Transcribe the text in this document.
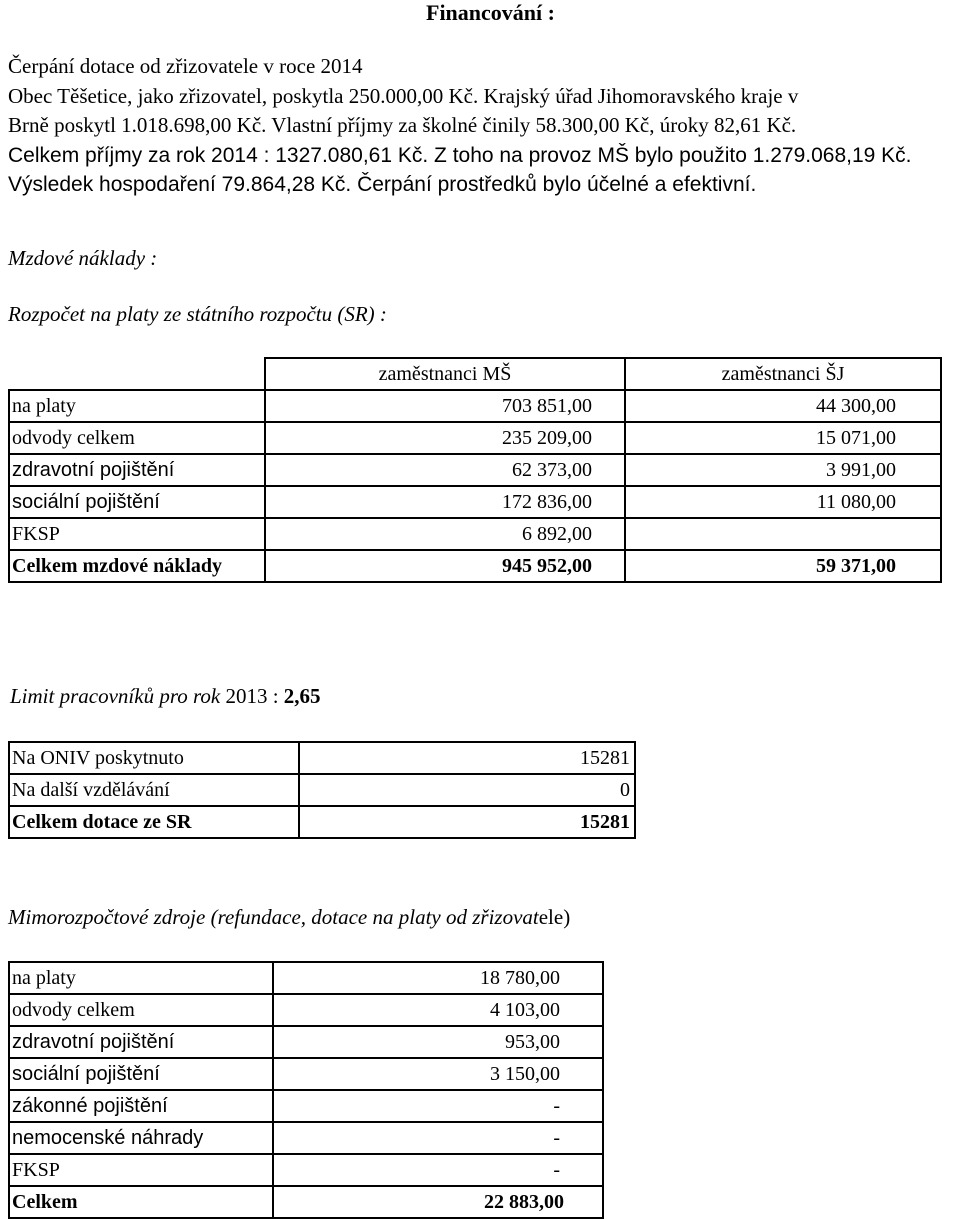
Financování :
Čerpání dotace od zřizovatele v roce 2014
Obec Těšetice, jako zřizovatel, poskytla 250.000,00 Kč. Krajský úřad Jihomoravského kraje v
Brně poskytl 1.018.698,00 Kč. Vlastní příjmy za školné činily 58.300,00 Kč, úroky 82,61 Kč.
Celkem příjmy za rok 2014 : 1327.080,61 Kč. Z toho na provoz MŠ bylo použito 1.279.068,19 Kč.
Výsledek hospodaření 79.864,28 Kč. Čerpání prostředků bylo účelné a efektivní.
Mzdové náklady :
Rozpočet na platy ze státního rozpočtu (SR) :
	zaměstnanci MŠ	zaměstnanci ŠJ
na platy	703 851,00	44 300,00
odvody celkem	235 209,00	15 071,00
zdravotní pojištění	62 373,00	3 991,00
sociální pojištění	172 836,00	11 080,00
FKSP	6 892,00	
Celkem mzdové náklady	945 952,00	59 371,00
Limit pracovníků pro rok 2013 : 2,65
Na ONIV poskytnuto	15281
Na další vzdělávání	0
Celkem dotace ze SR	15281
Mimorozpočtové zdroje (refundace, dotace na platy od zřizovatele)
na platy	18 780,00
odvody celkem	4 103,00
zdravotní pojištění	953,00
sociální pojištění	3 150,00
zákonné pojištění	-
nemocenské náhrady	-
FKSP	-
Celkem	22 883,00
